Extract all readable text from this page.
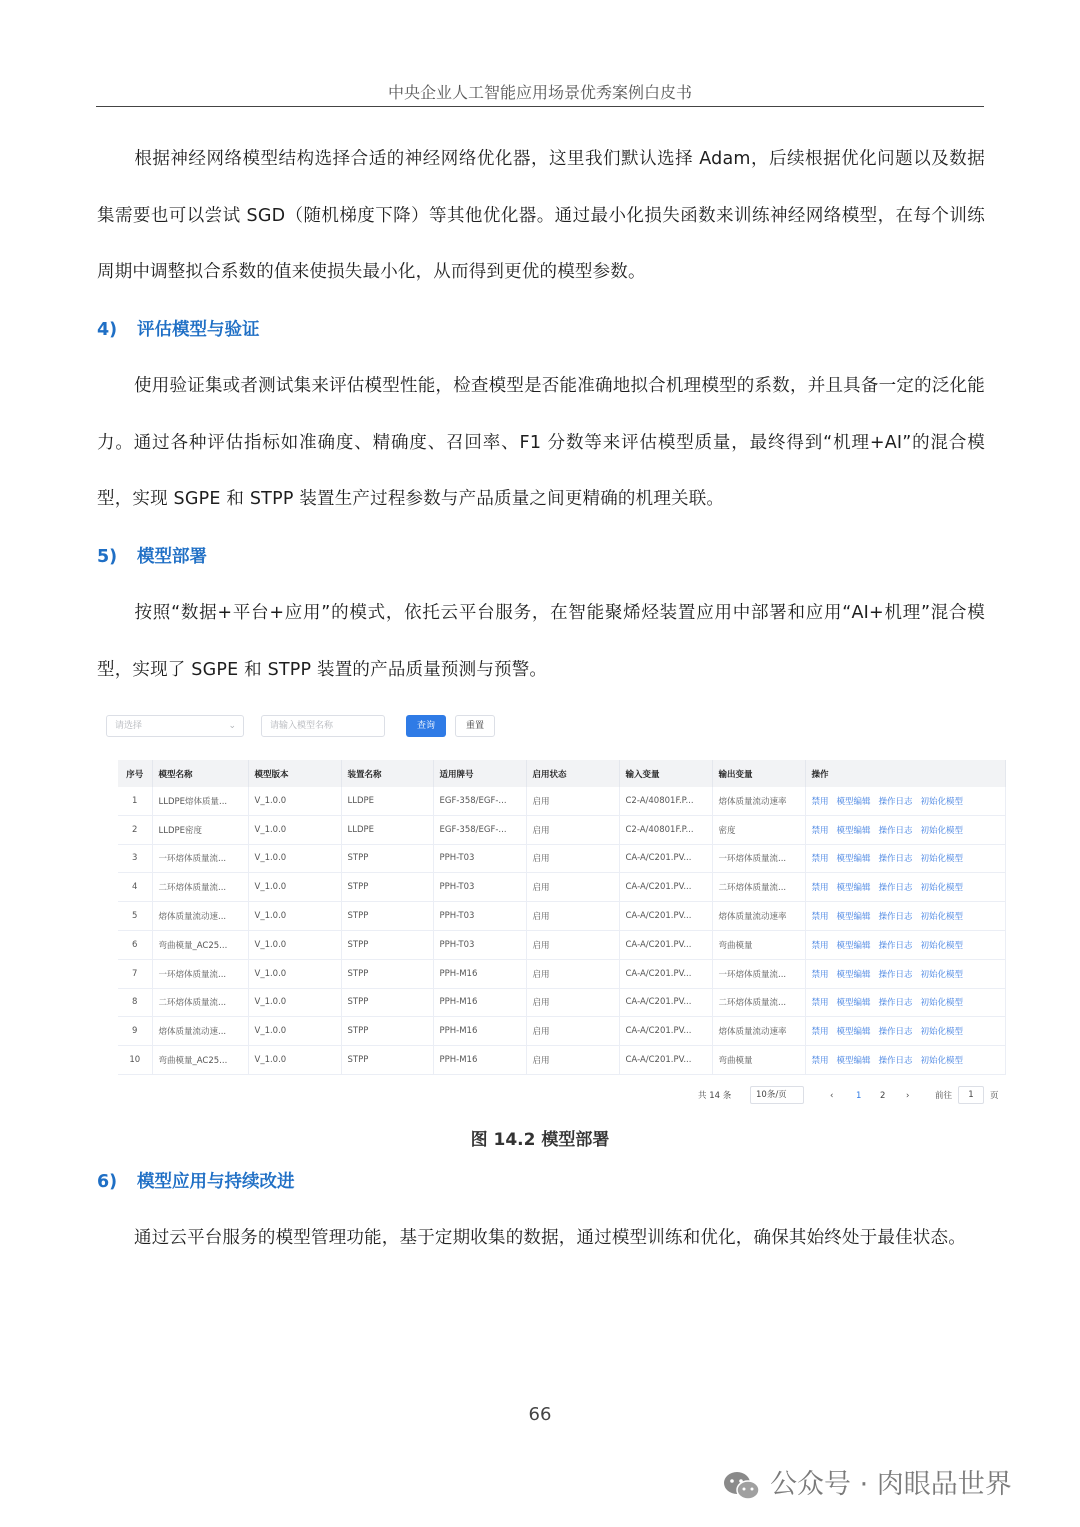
中央企业人工智能应用场景优秀案例白皮书

根据神经网络模型结构选择合适的神经网络优化器，这里我们默认选择 Adam，后续根据优化问题以及数据集需要也可以尝试 SGD（随机梯度下降）等其他优化器。通过最小化损失函数来训练神经网络模型，在每个训练周期中调整拟合系数的值来使损失最小化，从而得到更优的模型参数。

4) 评估模型与验证

使用验证集或者测试集来评估模型性能，检查模型是否能准确地拟合机理模型的系数，并且具备一定的泛化能力。通过各种评估指标如准确度、精确度、召回率、F1 分数等来评估模型质量，最终得到“机理+AI”的混合模型，实现 SGPE 和 STPP 装置生产过程参数与产品质量之间更精确的机理关联。

5) 模型部署

按照“数据+平台+应用”的模式，依托云平台服务，在智能聚烯烃装置应用中部署和应用“AI+机理”混合模型，实现了 SGPE 和 STPP 装置的产品质量预测与预警。

请选择	⌄	请输入模型名称	查询	重置
序号	模型名称	模型版本	装置名称	适用牌号	启用状态	输入变量	输出变量	操作
1	LLDPE熔体质量...	V_1.0.0	LLDPE	EGF-358/EGF-...	启用	C2-A/40801F.P...	熔体质量流动速率	禁用 模型编辑 操作日志 初始化模型
2	LLDPE密度	V_1.0.0	LLDPE	EGF-358/EGF-...	启用	C2-A/40801F.P...	密度	禁用 模型编辑 操作日志 初始化模型
3	一环熔体质量流...	V_1.0.0	STPP	PPH-T03	启用	CA-A/C201.PV...	一环熔体质量流...	禁用 模型编辑 操作日志 初始化模型
4	二环熔体质量流...	V_1.0.0	STPP	PPH-T03	启用	CA-A/C201.PV...	二环熔体质量流...	禁用 模型编辑 操作日志 初始化模型
5	熔体质量流动速...	V_1.0.0	STPP	PPH-T03	启用	CA-A/C201.PV...	熔体质量流动速率	禁用 模型编辑 操作日志 初始化模型
6	弯曲模量_AC25...	V_1.0.0	STPP	PPH-T03	启用	CA-A/C201.PV...	弯曲模量	禁用 模型编辑 操作日志 初始化模型
7	一环熔体质量流...	V_1.0.0	STPP	PPH-M16	启用	CA-A/C201.PV...	一环熔体质量流...	禁用 模型编辑 操作日志 初始化模型
8	二环熔体质量流...	V_1.0.0	STPP	PPH-M16	启用	CA-A/C201.PV...	二环熔体质量流...	禁用 模型编辑 操作日志 初始化模型
9	熔体质量流动速...	V_1.0.0	STPP	PPH-M16	启用	CA-A/C201.PV...	熔体质量流动速率	禁用 模型编辑 操作日志 初始化模型
10	弯曲模量_AC25...	V_1.0.0	STPP	PPH-M16	启用	CA-A/C201.PV...	弯曲模量	禁用 模型编辑 操作日志 初始化模型
共 14 条	10条/页	‹	1 2 ›	前往	1	页

图 14.2 模型部署

6) 模型应用与持续改进

通过云平台服务的模型管理功能，基于定期收集的数据，通过模型训练和优化，确保其始终处于最佳状态。

66
公众号 · 肉眼品世界
